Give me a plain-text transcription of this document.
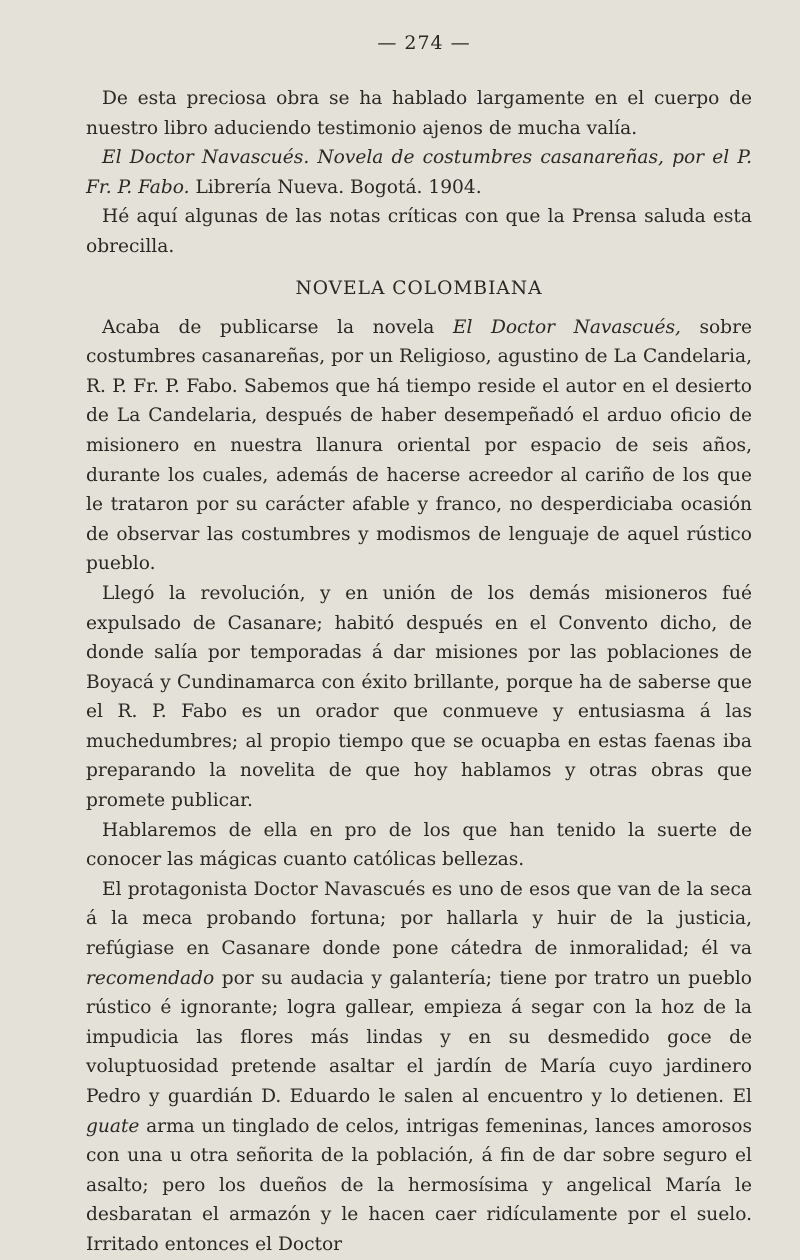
— 274 —

De esta preciosa obra se ha hablado largamente en el cuerpo de nuestro libro aduciendo testimonio ajenos de mucha valía.

El Doctor Navascués. Novela de costumbres casanareñas, por el P. Fr. P. Fabo. Librería Nueva. Bogotá. 1904.

Hé aquí algunas de las notas críticas con que la Prensa saluda esta obrecilla.

NOVELA COLOMBIANA

Acaba de publicarse la novela El Doctor Navascués, sobre costumbres casanareñas, por un Religioso, agustino de La Candelaria, R. P. Fr. P. Fabo. Sabemos que há tiempo reside el autor en el desierto de La Candelaria, después de haber desempeñadó el arduo oficio de misionero en nuestra llanura oriental por espacio de seis años, durante los cuales, además de hacerse acreedor al cariño de los que le trataron por su carácter afable y franco, no desperdiciaba ocasión de observar las costumbres y modismos de lenguaje de aquel rústico pueblo.

Llegó la revolución, y en unión de los demás misioneros fué expulsado de Casanare; habitó después en el Convento dicho, de donde salía por temporadas á dar misiones por las poblaciones de Boyacá y Cundinamarca con éxito brillante, porque ha de saberse que el R. P. Fabo es un orador que conmueve y entusiasma á las muchedumbres; al propio tiempo que se ocuapba en estas faenas iba preparando la novelita de que hoy hablamos y otras obras que promete publicar.

Hablaremos de ella en pro de los que han tenido la suerte de conocer las mágicas cuanto católicas bellezas.

El protagonista Doctor Navascués es uno de esos que van de la seca á la meca probando fortuna; por hallarla y huir de la justicia, refúgiase en Casanare donde pone cátedra de inmoralidad; él va recomendado por su audacia y galantería; tiene por tratro un pueblo rústico é ignorante; logra gallear, empieza á segar con la hoz de la impudicia las flores más lindas y en su desmedido goce de voluptuosidad pretende asaltar el jardín de María cuyo jardinero Pedro y guardián D. Eduardo le salen al encuentro y lo detienen. El guate arma un tinglado de celos, intrigas femeninas, lances amorosos con una u otra señorita de la población, á fin de dar sobre seguro el asalto; pero los dueños de la hermosísima y angelical María le desbaratan el armazón y le hacen caer ridículamente por el suelo. Irritado entonces el Doctor
